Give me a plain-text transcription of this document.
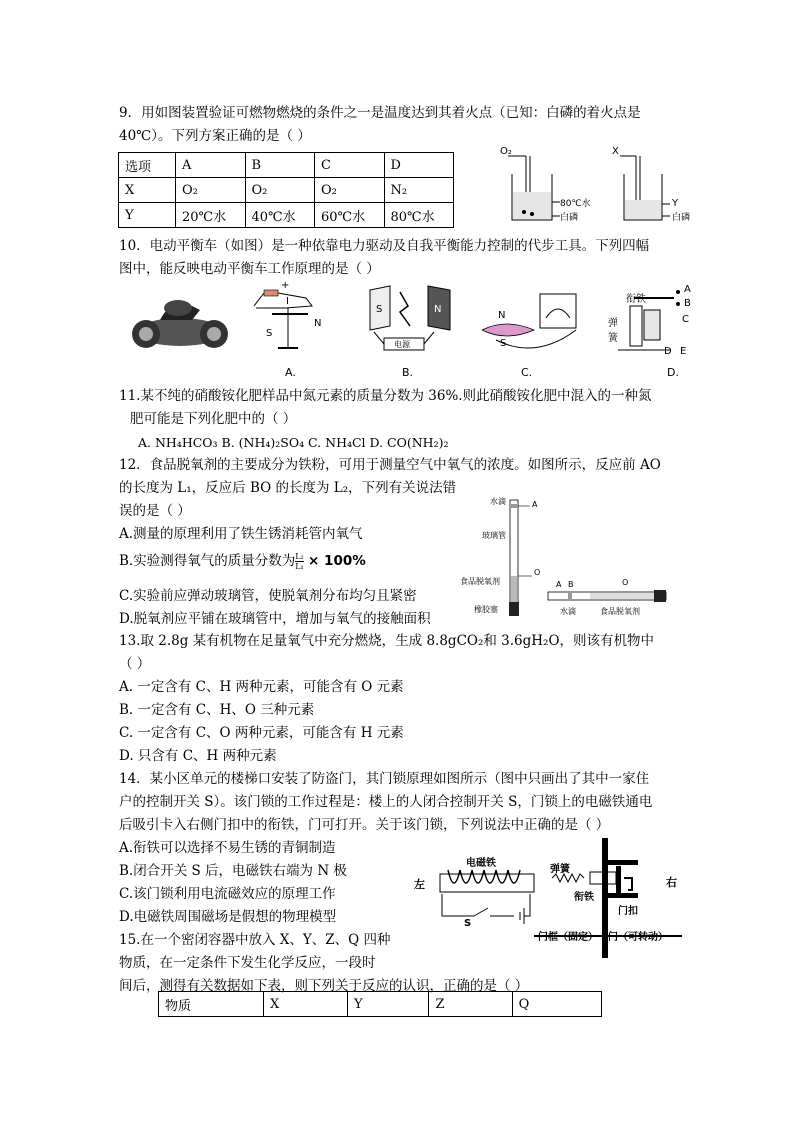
9．用如图装置验证可燃物燃烧的条件之一是温度达到其着火点（已知：白磷的着火点是
40℃）。下列方案正确的是（ ）
选项	A	B	C	D
X	O₂	O₂	O₂	N₂
Y	20℃水	40℃水	60℃水	80℃水
O₂
80℃水
白磷
X
Y
白磷
10．电动平衡车（如图）是一种依靠电力驱动及自我平衡能力控制的代步工具。下列四幅
图中，能反映电动平衡车工作原理的是（ ）
+
I
N
S
S	N
电源
N
S
衔铁
弹簧
A
B
C
D E
A.	B.	C.	D.
11.某不纯的硝酸铵化肥样品中氮元素的质量分数为 36%.则此硝酸铵化肥中混入的一种氮
肥可能是下列化肥中的（ ）
A. NH₄HCO₃ B. (NH₄)₂SO₄ C. NH₄Cl D. CO(NH₂)₂
12．食品脱氧剂的主要成分为铁粉，可用于测量空气中氧气的浓度。如图所示，反应前 AO
的长度为 L₁，反应后 BO 的长度为 L₂，下列有关说法错
误的是（ ）
A.测量的原理利用了铁生锈消耗管内氧气
B.实验测得氧气的质量分数为 $\frac{\text{L₂}}{\text{L₁}} \times 100\%$
C.实验前应弹动玻璃管，使脱氧剂分布均匀且紧密
D.脱氧剂应平铺在玻璃管中，增加与氧气的接触面积
水滴	A
玻璃管
O
食品脱氧剂
橡胶塞
A B	O
水滴	食品脱氧剂
13.取 2.8g 某有机物在足量氧气中充分燃烧，生成 8.8gCO₂和 3.6gH₂O，则该有机物中
（ ）
A. 一定含有 C、H 两种元素，可能含有 O 元素
B. 一定含有 C、H、O 三种元素
C. 一定含有 C、O 两种元素，可能含有 H 元素
D. 只含有 C、H 两种元素
14．某小区单元的楼梯口安装了防盗门，其门锁原理如图所示（图中只画出了其中一家住
户的控制开关 S）。该门锁的工作过程是：楼上的人闭合控制开关 S，门锁上的电磁铁通电
后吸引卡入右侧门扣中的衔铁，门可打开。关于该门锁，下列说法中正确的是（ ）
A.衔铁可以选择不易生锈的青铜制造
B.闭合开关 S 后，电磁铁右端为 N 极
C.该门锁利用电流磁效应的原理工作
D.电磁铁周围磁场是假想的物理模型
左
电磁铁
弹簧
右
衔铁
门扣
S
门框（固定） 门（可转动）
15.在一个密闭容器中放入 X、Y、Z、Q 四种
物质，在一定条件下发生化学反应，一段时
间后，测得有关数据如下表，则下列关于反应的认识，正确的是（ ）
物质	X	Y	Z	Q
